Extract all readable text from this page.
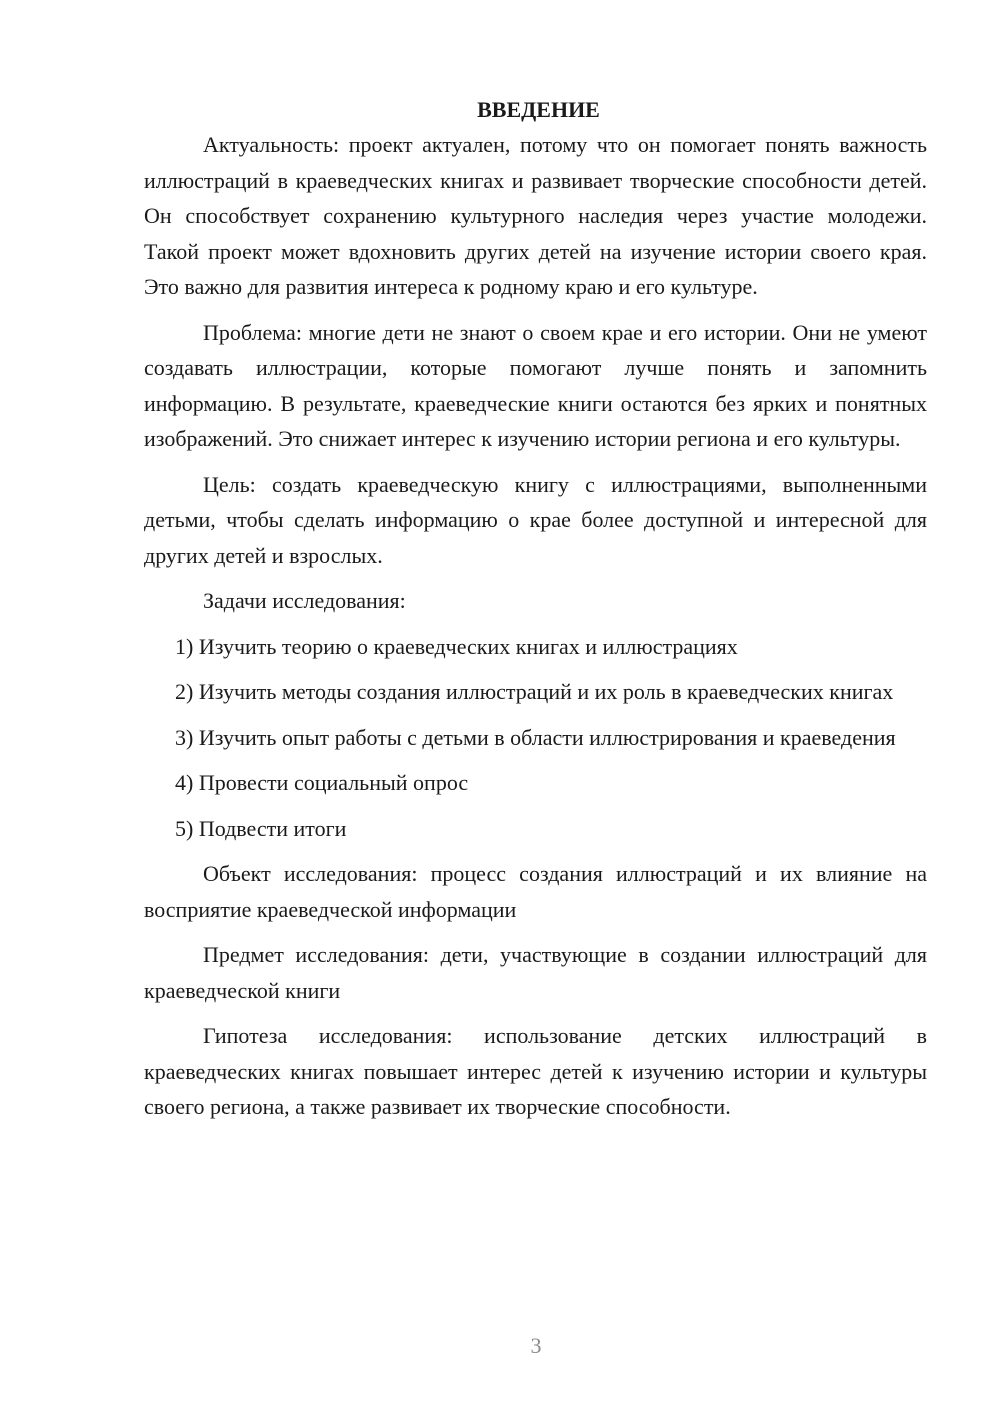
ВВЕДЕНИЕ

Актуальность: проект актуален, потому что он помогает понять важность иллюстраций в краеведческих книгах и развивает творческие способности детей. Он способствует сохранению культурного наследия через участие молодежи. Такой проект может вдохновить других детей на изучение истории своего края. Это важно для развития интереса к родному краю и его культуре.

Проблема: многие дети не знают о своем крае и его истории. Они не умеют создавать иллюстрации, которые помогают лучше понять и запомнить информацию. В результате, краеведческие книги остаются без ярких и понятных изображений. Это снижает интерес к изучению истории региона и его культуры.

Цель: создать краеведческую книгу с иллюстрациями, выполненными детьми, чтобы сделать информацию о крае более доступной и интересной для других детей и взрослых.

Задачи исследования:

1) Изучить теорию о краеведческих книгах и иллюстрациях

2) Изучить методы создания иллюстраций и их роль в краеведческих книгах

3) Изучить опыт работы с детьми в области иллюстрирования и краеведения

4) Провести социальный опрос

5) Подвести итоги

Объект исследования: процесс создания иллюстраций и их влияние на восприятие краеведческой информации

Предмет исследования: дети, участвующие в создании иллюстраций для краеведческой книги

Гипотеза исследования: использование детских иллюстраций в краеведческих книгах повышает интерес детей к изучению истории и культуры своего региона, а также развивает их творческие способности.

3
